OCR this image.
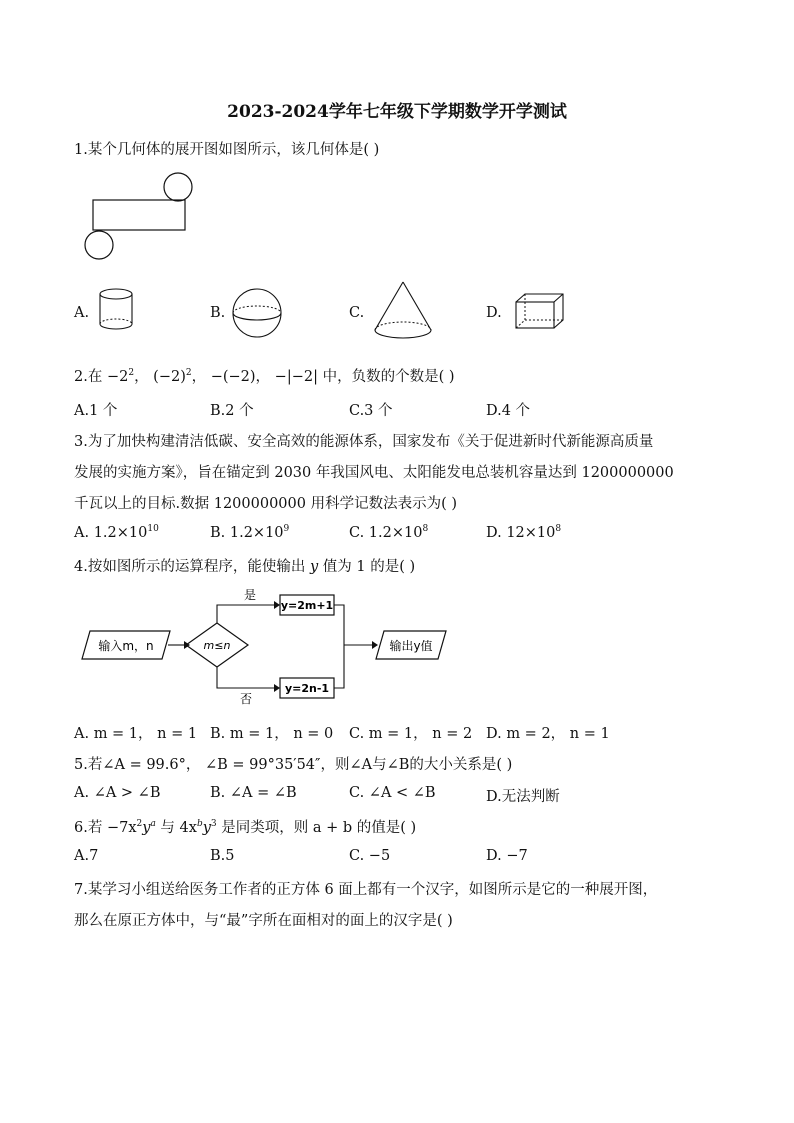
2023-2024学年七年级下学期数学开学测试
1.某个几何体的展开图如图所示，该几何体是( )
A.	B.	C.	D.
2.在 $-2^2$， $(-2)^2$， −(−2)， −|−2| 中，负数的个数是( )
A.1 个	B.2 个	C.3 个	D.4 个
3.为了加快构建清洁低碳、安全高效的能源体系，国家发布《关于促进新时代新能源高质量
发展的实施方案》，旨在锚定到 2030 年我国风电、太阳能发电总装机容量达到 1200000000
千瓦以上的目标.数据 1200000000 用科学记数法表示为( )
A. $1.2\times 10^{10}$	B. $1.2\times 10^9$	C. $1.2\times 10^8$	D. $12\times 10^8$
4.按如图所示的运算程序，能使输出 y 值为 1 的是( )
输入m，n	m≤n
是
y=2m+1
否
y=2n-1
输出y值
A. m = 1， n = 1 B. m = 1， n = 0 C. m = 1， n = 2 D. m = 2， n = 1
5.若∠A = 99.6°， ∠B = 99°35′54″，则∠A与∠B的大小关系是( )
A. ∠A > ∠B	B. ∠A = ∠B	C. ∠A < ∠B	D.无法判断
6.若 $-7x^2y^a$ 与 $4x^by^3$ 是同类项，则 a + b 的值是( )
A.7	B.5	C. −5	D. −7
7.某学习小组送给医务工作者的正方体 6 面上都有一个汉字，如图所示是它的一种展开图，
那么在原正方体中，与“最”字所在面相对的面上的汉字是( )
